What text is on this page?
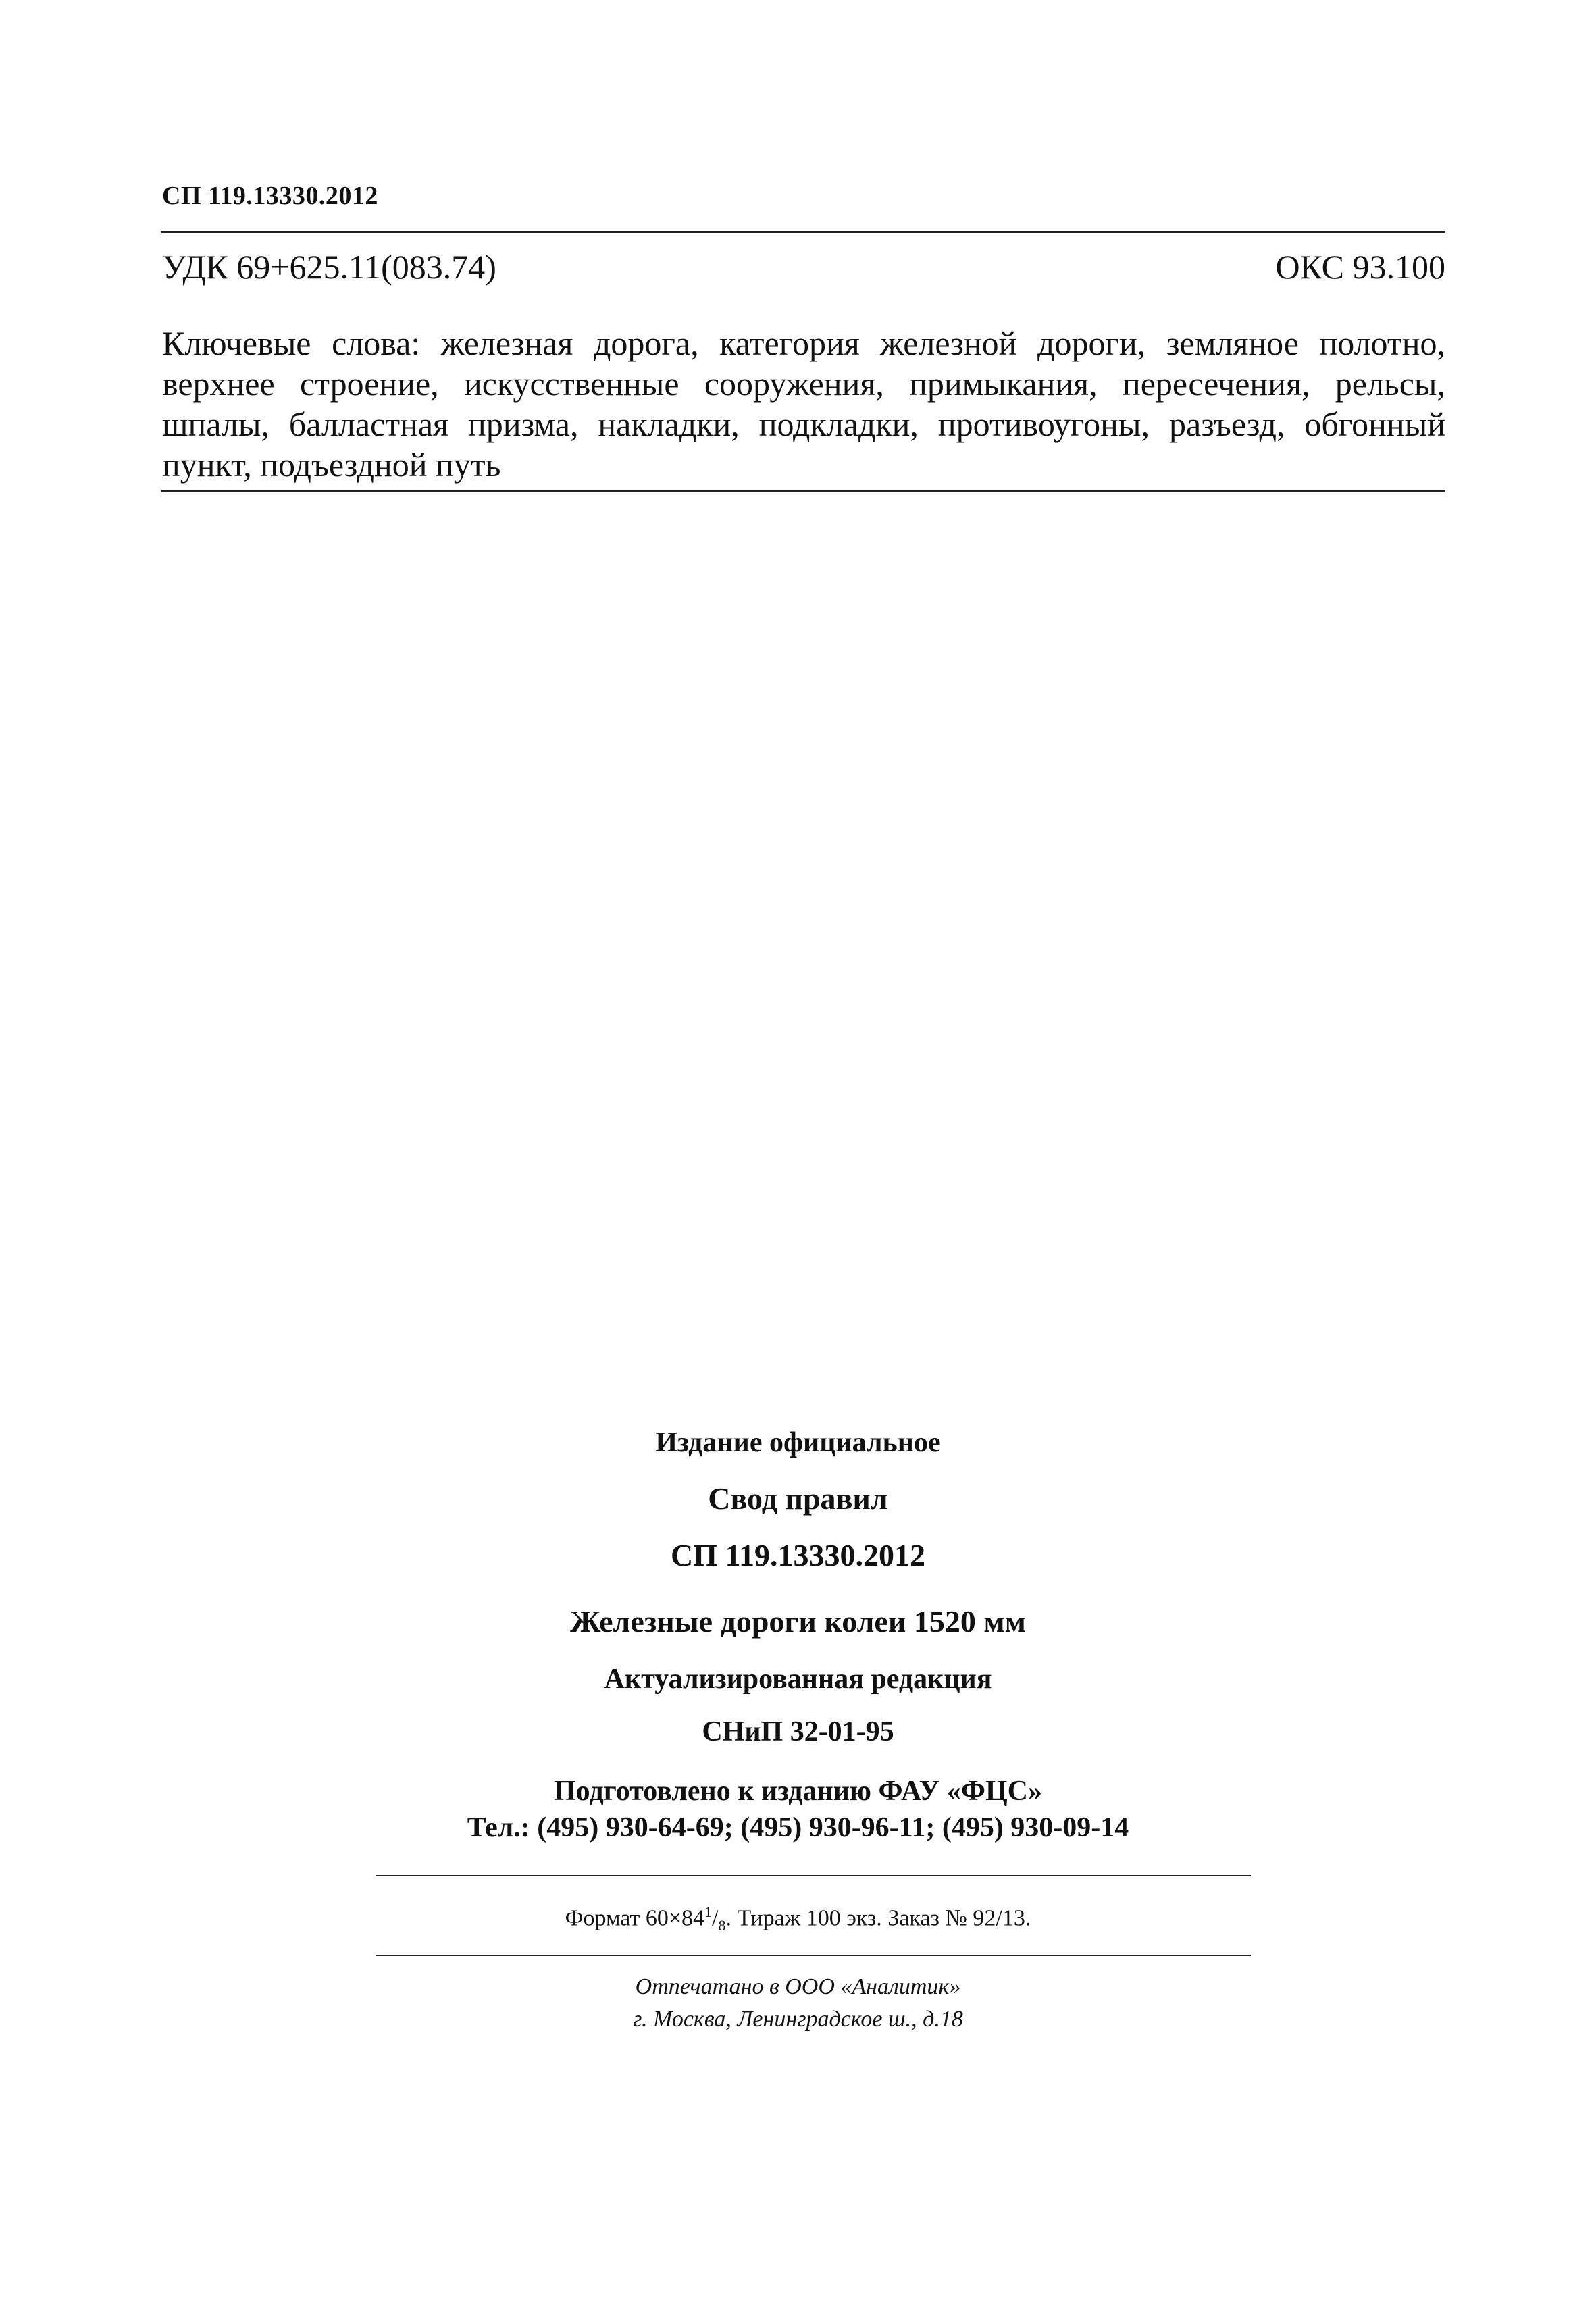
СП 119.13330.2012
УДК 69+625.11(083.74)	ОКС 93.100
Ключевые слова: железная дорога, категория железной дороги, земляное полотно,
верхнее строение, искусственные сооружения, примыкания, пересечения, рельсы,
шпалы, балластная призма, накладки, подкладки, противоугоны, разъезд, обгонный
пункт, подъездной путь
Издание официальное
Свод правил
СП 119.13330.2012
Железные дороги колеи 1520 мм
Актуализированная редакция
СНиП 32-01-95
Подготовлено к изданию ФАУ «ФЦС»
Тел.: (495) 930-64-69; (495) 930-96-11; (495) 930-09-14
Формат $60\times 84^1/_8$. Тираж 100 экз. Заказ № 92/13.
Отпечатано в ООО «Аналитик»
г. Москва, Ленинградское ш., д.18
